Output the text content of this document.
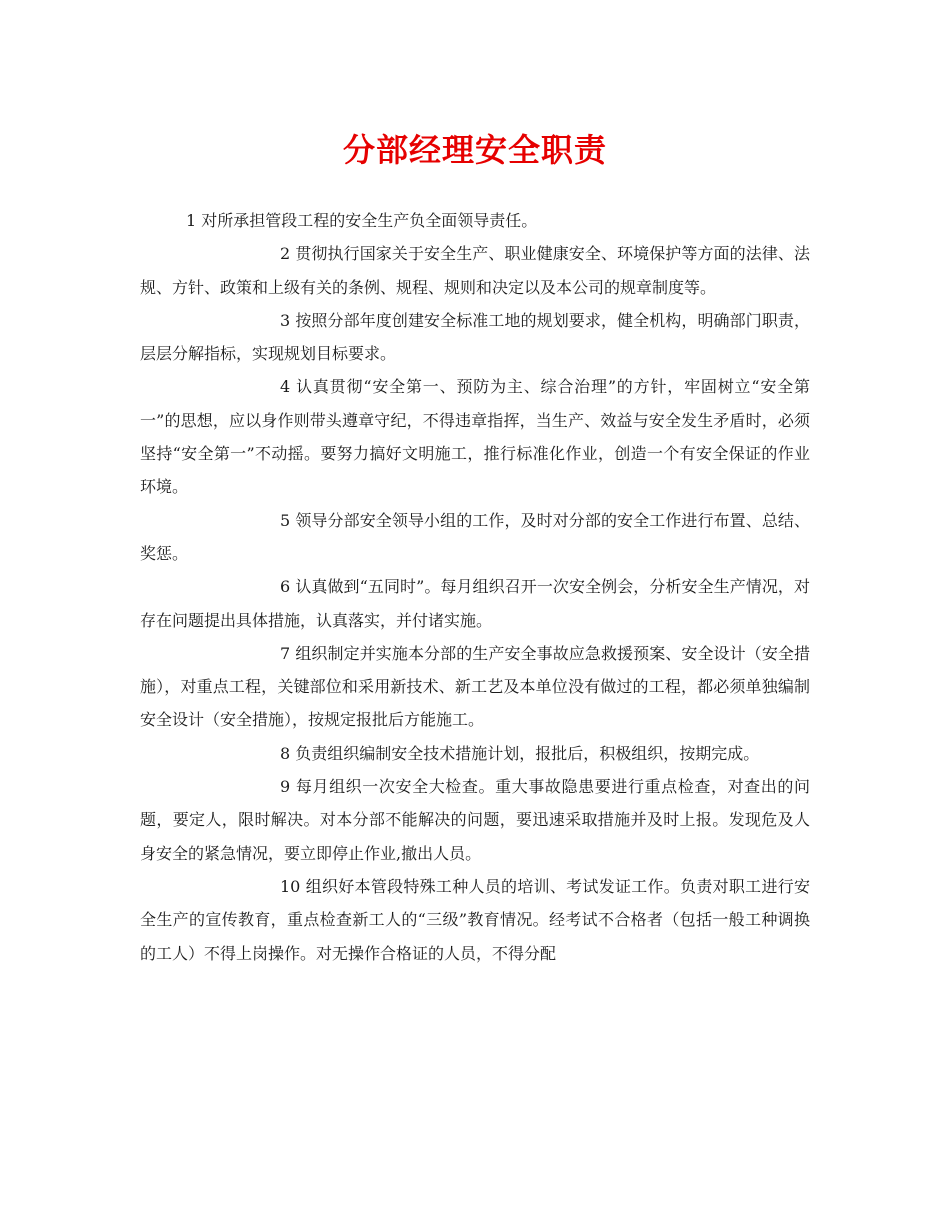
分部经理安全职责

1 对所承担管段工程的安全生产负全面领导责任。

2 贯彻执行国家关于安全生产、职业健康安全、环境保护等方面的法律、法规、方针、政策和上级有关的条例、规程、规则和决定以及本公司的规章制度等。

3 按照分部年度创建安全标准工地的规划要求，健全机构，明确部门职责，层层分解指标，实现规划目标要求。

4 认真贯彻“安全第一、预防为主、综合治理”的方针，牢固树立“安全第一”的思想，应以身作则带头遵章守纪，不得违章指挥，当生产、效益与安全发生矛盾时，必须坚持“安全第一”不动摇。要努力搞好文明施工，推行标准化作业，创造一个有安全保证的作业环境。

5 领导分部安全领导小组的工作，及时对分部的安全工作进行布置、总结、奖惩。

6 认真做到“五同时”。每月组织召开一次安全例会，分析安全生产情况，对存在问题提出具体措施，认真落实，并付诸实施。

7 组织制定并实施本分部的生产安全事故应急救援预案、安全设计（安全措施），对重点工程，关键部位和采用新技术、新工艺及本单位没有做过的工程，都必须单独编制安全设计（安全措施），按规定报批后方能施工。

8 负责组织编制安全技术措施计划，报批后，积极组织，按期完成。

9 每月组织一次安全大检查。重大事故隐患要进行重点检查，对查出的问题，要定人，限时解决。对本分部不能解决的问题，要迅速采取措施并及时上报。发现危及人身安全的紧急情况，要立即停止作业,撤出人员。

10 组织好本管段特殊工种人员的培训、考试发证工作。负责对职工进行安全生产的宣传教育，重点检查新工人的“三级”教育情况。经考试不合格者（包括一般工种调换的工人）不得上岗操作。对无操作合格证的人员，不得分配
